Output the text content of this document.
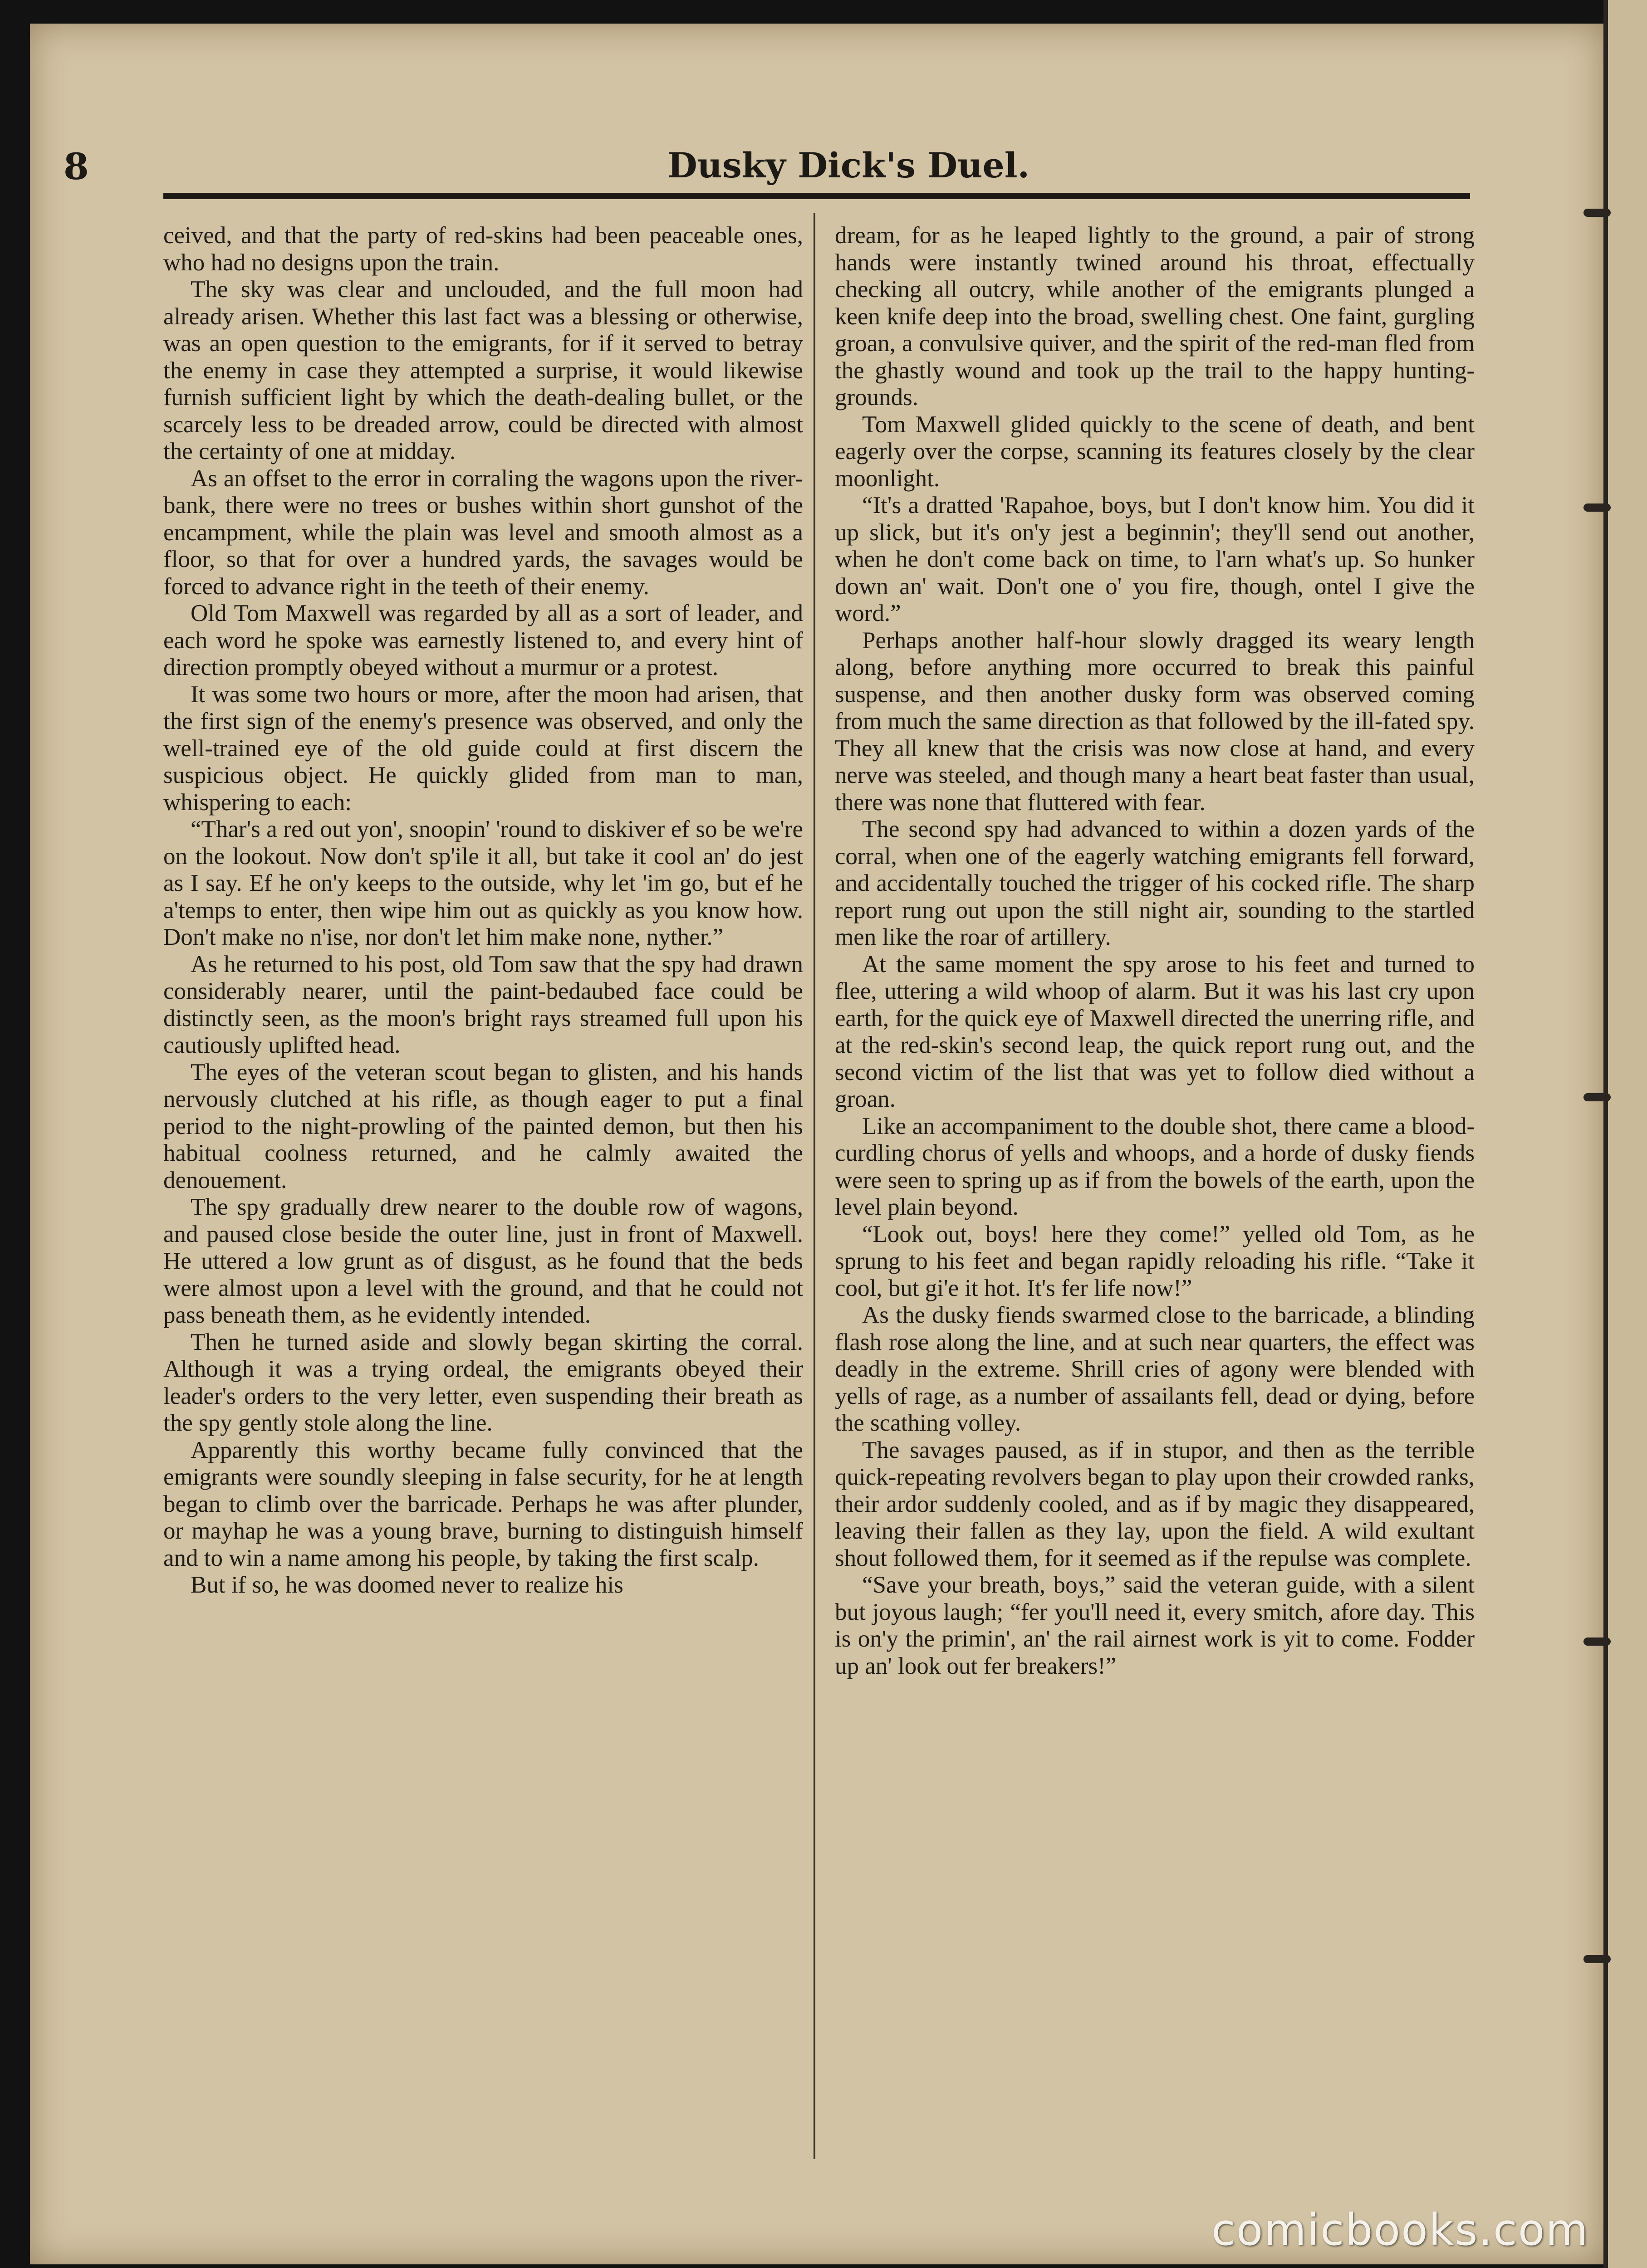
8	Dusky Dick's Duel.

ceived, and that the party of red-skins had been peaceable ones, who had no designs upon the train.

The sky was clear and unclouded, and the full moon had already arisen. Whether this last fact was a blessing or otherwise, was an open question to the emigrants, for if it served to betray the enemy in case they attempted a surprise, it would likewise furnish sufficient light by which the death-dealing bullet, or the scarcely less to be dreaded arrow, could be directed with almost the certainty of one at midday.

As an offset to the error in corraling the wagons upon the river-bank, there were no trees or bushes within short gunshot of the encampment, while the plain was level and smooth almost as a floor, so that for over a hundred yards, the savages would be forced to advance right in the teeth of their enemy.

Old Tom Maxwell was regarded by all as a sort of leader, and each word he spoke was earnestly listened to, and every hint of direction promptly obeyed without a murmur or a protest.

It was some two hours or more, after the moon had arisen, that the first sign of the enemy's presence was observed, and only the well-trained eye of the old guide could at first discern the suspicious object. He quickly glided from man to man, whispering to each:

“Thar's a red out yon', snoopin' 'round to diskiver ef so be we're on the lookout. Now don't sp'ile it all, but take it cool an' do jest as I say. Ef he on'y keeps to the outside, why let 'im go, but ef he a'temps to enter, then wipe him out as quickly as you know how. Don't make no n'ise, nor don't let him make none, nyther.”

As he returned to his post, old Tom saw that the spy had drawn considerably nearer, until the paint-bedaubed face could be distinctly seen, as the moon's bright rays streamed full upon his cautiously uplifted head.

The eyes of the veteran scout began to glisten, and his hands nervously clutched at his rifle, as though eager to put a final period to the night-prowling of the painted demon, but then his habitual coolness returned, and he calmly awaited the denouement.

The spy gradually drew nearer to the double row of wagons, and paused close beside the outer line, just in front of Maxwell. He uttered a low grunt as of disgust, as he found that the beds were almost upon a level with the ground, and that he could not pass beneath them, as he evidently intended.

Then he turned aside and slowly began skirting the corral. Although it was a trying ordeal, the emigrants obeyed their leader's orders to the very letter, even suspending their breath as the spy gently stole along the line.

Apparently this worthy became fully convinced that the emigrants were soundly sleeping in false security, for he at length began to climb over the barricade. Perhaps he was after plunder, or mayhap he was a young brave, burning to distinguish himself and to win a name among his people, by taking the first scalp.

But if so, he was doomed never to realize his

dream, for as he leaped lightly to the ground, a pair of strong hands were instantly twined around his throat, effectually checking all outcry, while another of the emigrants plunged a keen knife deep into the broad, swelling chest. One faint, gurgling groan, a convulsive quiver, and the spirit of the red-man fled from the ghastly wound and took up the trail to the happy hunting-grounds.

Tom Maxwell glided quickly to the scene of death, and bent eagerly over the corpse, scanning its features closely by the clear moonlight.

“It's a dratted 'Rapahoe, boys, but I don't know him. You did it up slick, but it's on'y jest a beginnin'; they'll send out another, when he don't come back on time, to l'arn what's up. So hunker down an' wait. Don't one o' you fire, though, ontel I give the word.”

Perhaps another half-hour slowly dragged its weary length along, before anything more occurred to break this painful suspense, and then another dusky form was observed coming from much the same direction as that followed by the ill-fated spy. They all knew that the crisis was now close at hand, and every nerve was steeled, and though many a heart beat faster than usual, there was none that fluttered with fear.

The second spy had advanced to within a dozen yards of the corral, when one of the eagerly watching emigrants fell forward, and accidentally touched the trigger of his cocked rifle. The sharp report rung out upon the still night air, sounding to the startled men like the roar of artillery.

At the same moment the spy arose to his feet and turned to flee, uttering a wild whoop of alarm. But it was his last cry upon earth, for the quick eye of Maxwell directed the unerring rifle, and at the red-skin's second leap, the quick report rung out, and the second victim of the list that was yet to follow died without a groan.

Like an accompaniment to the double shot, there came a blood-curdling chorus of yells and whoops, and a horde of dusky fiends were seen to spring up as if from the bowels of the earth, upon the level plain beyond.

“Look out, boys! here they come!” yelled old Tom, as he sprung to his feet and began rapidly reloading his rifle. “Take it cool, but gi'e it hot. It's fer life now!”

As the dusky fiends swarmed close to the barricade, a blinding flash rose along the line, and at such near quarters, the effect was deadly in the extreme. Shrill cries of agony were blended with yells of rage, as a number of assailants fell, dead or dying, before the scathing volley.

The savages paused, as if in stupor, and then as the terrible quick-repeating revolvers began to play upon their crowded ranks, their ardor suddenly cooled, and as if by magic they disappeared, leaving their fallen as they lay, upon the field. A wild exultant shout followed them, for it seemed as if the repulse was complete.

“Save your breath, boys,” said the veteran guide, with a silent but joyous laugh; “fer you'll need it, every smitch, afore day. This is on'y the primin', an' the rail airnest work is yit to come. Fodder up an' look out fer breakers!”

comicbooks.com
